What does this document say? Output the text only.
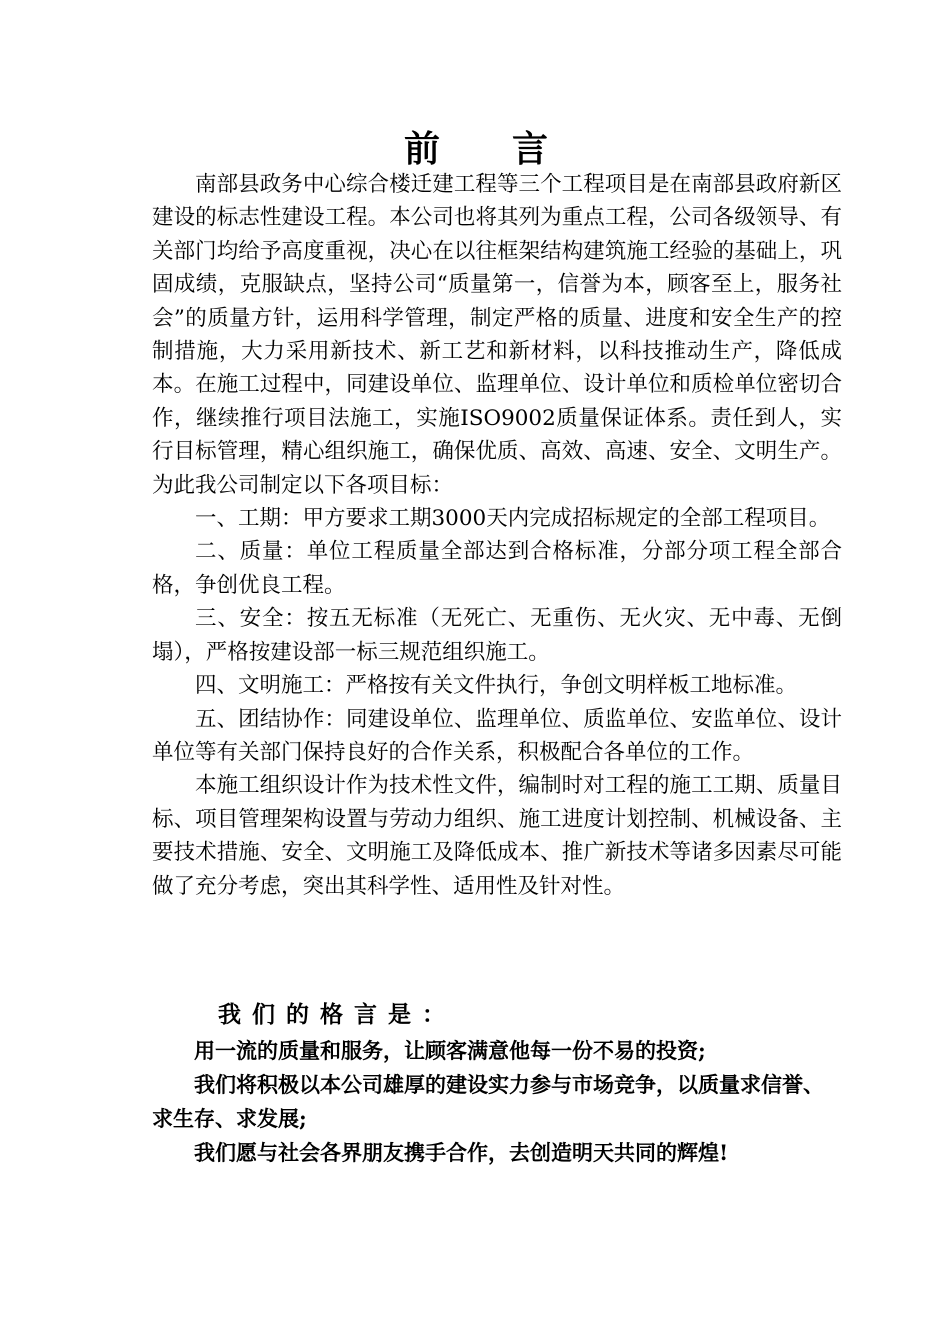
前言

南部县政务中心综合楼迁建工程等三个工程项目是在南部县政府新区建设的标志性建设工程。本公司也将其列为重点工程，公司各级领导、有关部门均给予高度重视，决心在以往框架结构建筑施工经验的基础上，巩固成绩，克服缺点，坚持公司“质量第一，信誉为本，顾客至上，服务社会”的质量方针，运用科学管理，制定严格的质量、进度和安全生产的控制措施，大力采用新技术、新工艺和新材料，以科技推动生产，降低成本。在施工过程中，同建设单位、监理单位、设计单位和质检单位密切合作，继续推行项目法施工，实施ISO9002质量保证体系。责任到人，实行目标管理，精心组织施工，确保优质、高效、高速、安全、文明生产。为此我公司制定以下各项目标：

一、工期：甲方要求工期3000天内完成招标规定的全部工程项目。

二、质量：单位工程质量全部达到合格标准，分部分项工程全部合格，争创优良工程。

三、安全：按五无标准（无死亡、无重伤、无火灾、无中毒、无倒塌），严格按建设部一标三规范组织施工。

四、文明施工：严格按有关文件执行，争创文明样板工地标准。

五、团结协作：同建设单位、监理单位、质监单位、安监单位、设计单位等有关部门保持良好的合作关系，积极配合各单位的工作。

本施工组织设计作为技术性文件，编制时对工程的施工工期、质量目标、项目管理架构设置与劳动力组织、施工进度计划控制、机械设备、主要技术措施、安全、文明施工及降低成本、推广新技术等诸多因素尽可能做了充分考虑，突出其科学性、适用性及针对性。

我们的格言是：

用一流的质量和服务，让顾客满意他每一份不易的投资;

我们将积极以本公司雄厚的建设实力参与市场竞争，以质量求信誉、求生存、求发展;

我们愿与社会各界朋友携手合作，去创造明天共同的辉煌!
